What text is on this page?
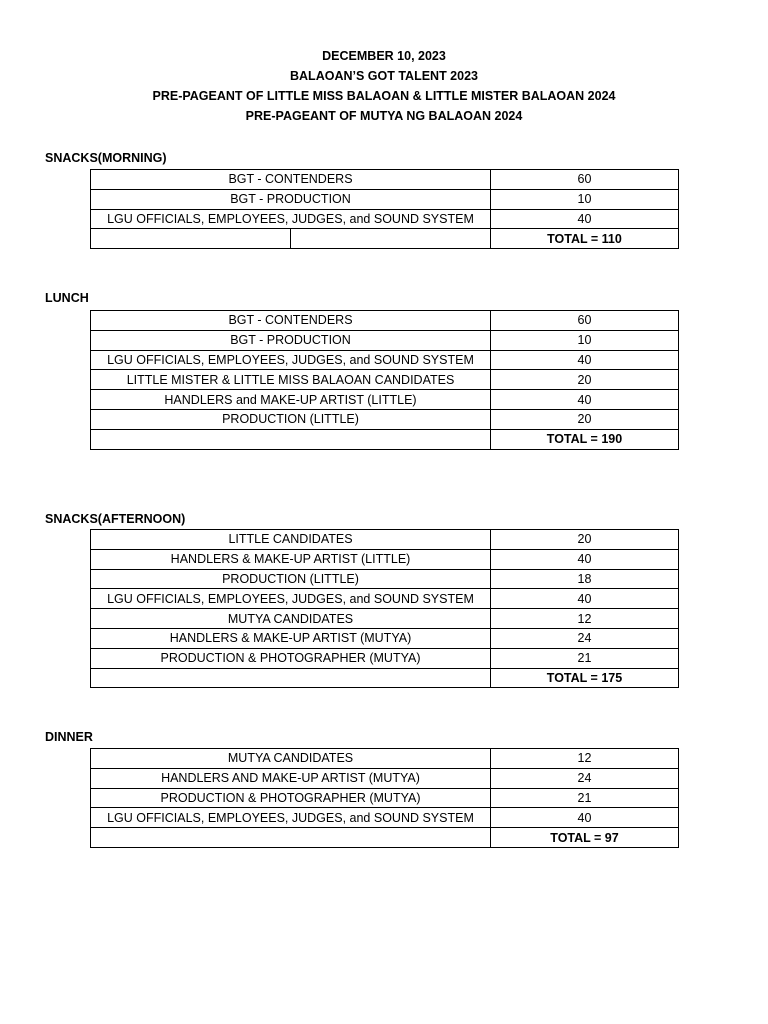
DECEMBER 10, 2023
BALAOAN’S GOT TALENT 2023
PRE-PAGEANT OF LITTLE MISS BALAOAN & LITTLE MISTER BALAOAN 2024
PRE-PAGEANT OF MUTYA NG BALAOAN 2024
SNACKS(MORNING)
BGT - CONTENDERS		60
BGT - PRODUCTION		10
LGU OFFICIALS, EMPLOYEES, JUDGES, and SOUND SYSTEM		40
		TOTAL = 110
LUNCH
BGT - CONTENDERS	60
BGT - PRODUCTION	10
LGU OFFICIALS, EMPLOYEES, JUDGES, and SOUND SYSTEM	40
LITTLE MISTER & LITTLE MISS BALAOAN CANDIDATES	20
HANDLERS and MAKE-UP ARTIST (LITTLE)	40
PRODUCTION (LITTLE)	20
	TOTAL = 190
SNACKS(AFTERNOON)
LITTLE CANDIDATES	20
HANDLERS & MAKE-UP ARTIST (LITTLE)	40
PRODUCTION (LITTLE)	18
LGU OFFICIALS, EMPLOYEES, JUDGES, and SOUND SYSTEM	40
MUTYA CANDIDATES	12
HANDLERS & MAKE-UP ARTIST (MUTYA)	24
PRODUCTION & PHOTOGRAPHER (MUTYA)	21
	TOTAL = 175
DINNER
MUTYA CANDIDATES	12
HANDLERS AND MAKE-UP ARTIST (MUTYA)	24
PRODUCTION & PHOTOGRAPHER (MUTYA)	21
LGU OFFICIALS, EMPLOYEES, JUDGES, and SOUND SYSTEM	40
	TOTAL = 97
